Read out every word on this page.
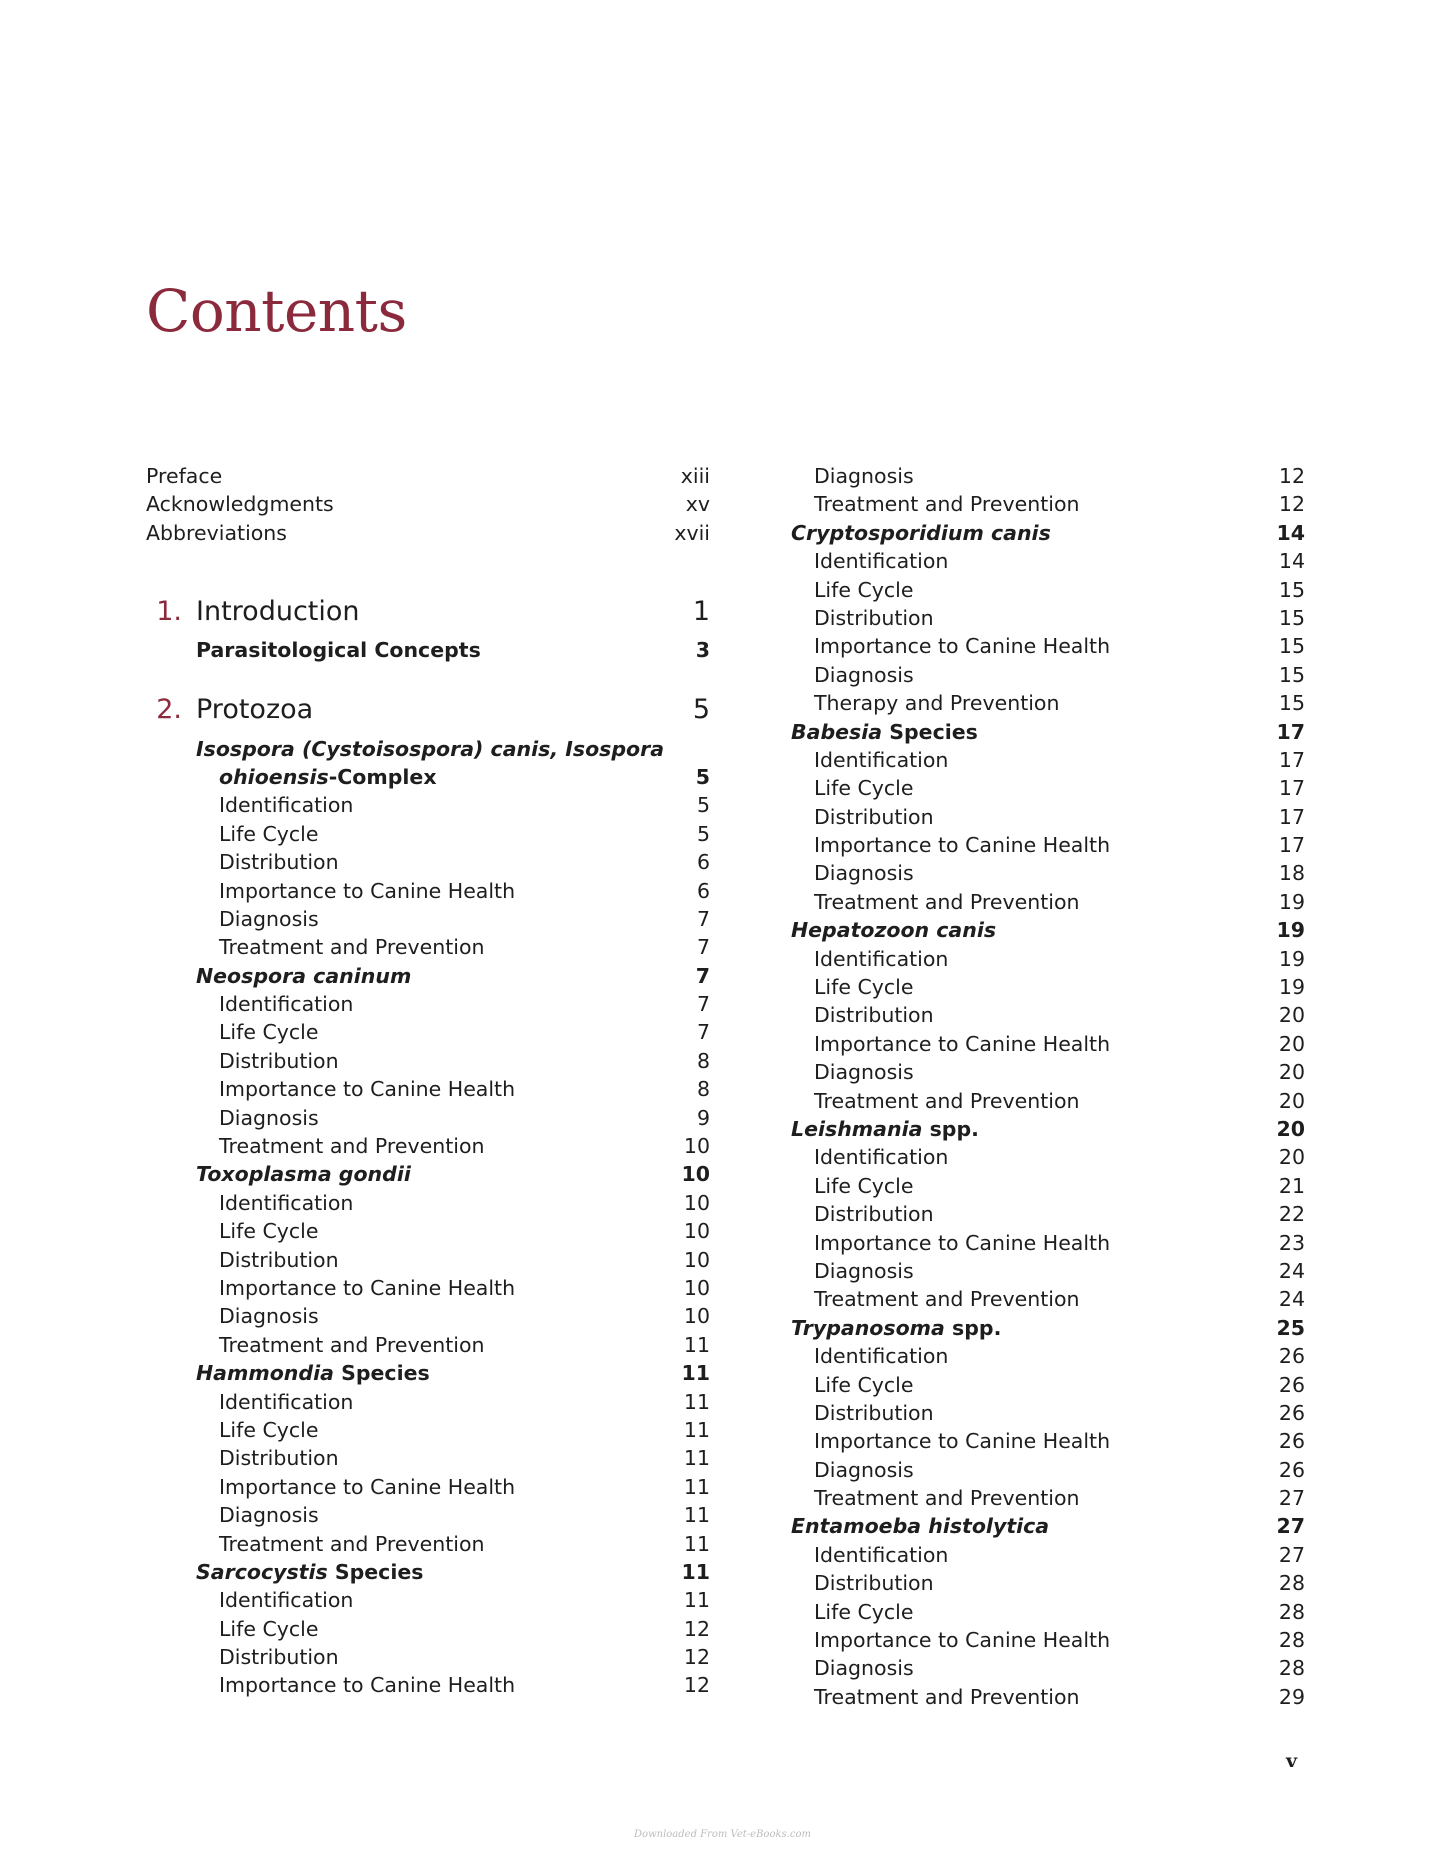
Contents
Preface	xiii
Acknowledgments	xv
Abbreviations	xvii
1. Introduction	1
Parasitological Concepts	3
2. Protozoa	5
Isospora (Cystoisospora) canis, Isospora
ohioensis-Complex	5
Identification	5
Life Cycle	5
Distribution	6
Importance to Canine Health	6
Diagnosis	7
Treatment and Prevention	7
Neospora caninum	7
Identification	7
Life Cycle	7
Distribution	8
Importance to Canine Health	8
Diagnosis	9
Treatment and Prevention	10
Toxoplasma gondii	10
Identification	10
Life Cycle	10
Distribution	10
Importance to Canine Health	10
Diagnosis	10
Treatment and Prevention	11
Hammondia Species	11
Identification	11
Life Cycle	11
Distribution	11
Importance to Canine Health	11
Diagnosis	11
Treatment and Prevention	11
Sarcocystis Species	11
Identification	11
Life Cycle	12
Distribution	12
Importance to Canine Health	12
Diagnosis	12
Treatment and Prevention	12
Cryptosporidium canis	14
Identification	14
Life Cycle	15
Distribution	15
Importance to Canine Health	15
Diagnosis	15
Therapy and Prevention	15
Babesia Species	17
Identification	17
Life Cycle	17
Distribution	17
Importance to Canine Health	17
Diagnosis	18
Treatment and Prevention	19
Hepatozoon canis	19
Identification	19
Life Cycle	19
Distribution	20
Importance to Canine Health	20
Diagnosis	20
Treatment and Prevention	20
Leishmania spp.	20
Identification	20
Life Cycle	21
Distribution	22
Importance to Canine Health	23
Diagnosis	24
Treatment and Prevention	24
Trypanosoma spp.	25
Identification	26
Life Cycle	26
Distribution	26
Importance to Canine Health	26
Diagnosis	26
Treatment and Prevention	27
Entamoeba histolytica	27
Identification	27
Distribution	28
Life Cycle	28
Importance to Canine Health	28
Diagnosis	28
Treatment and Prevention	29
v
Downloaded From Vet-eBooks.com
